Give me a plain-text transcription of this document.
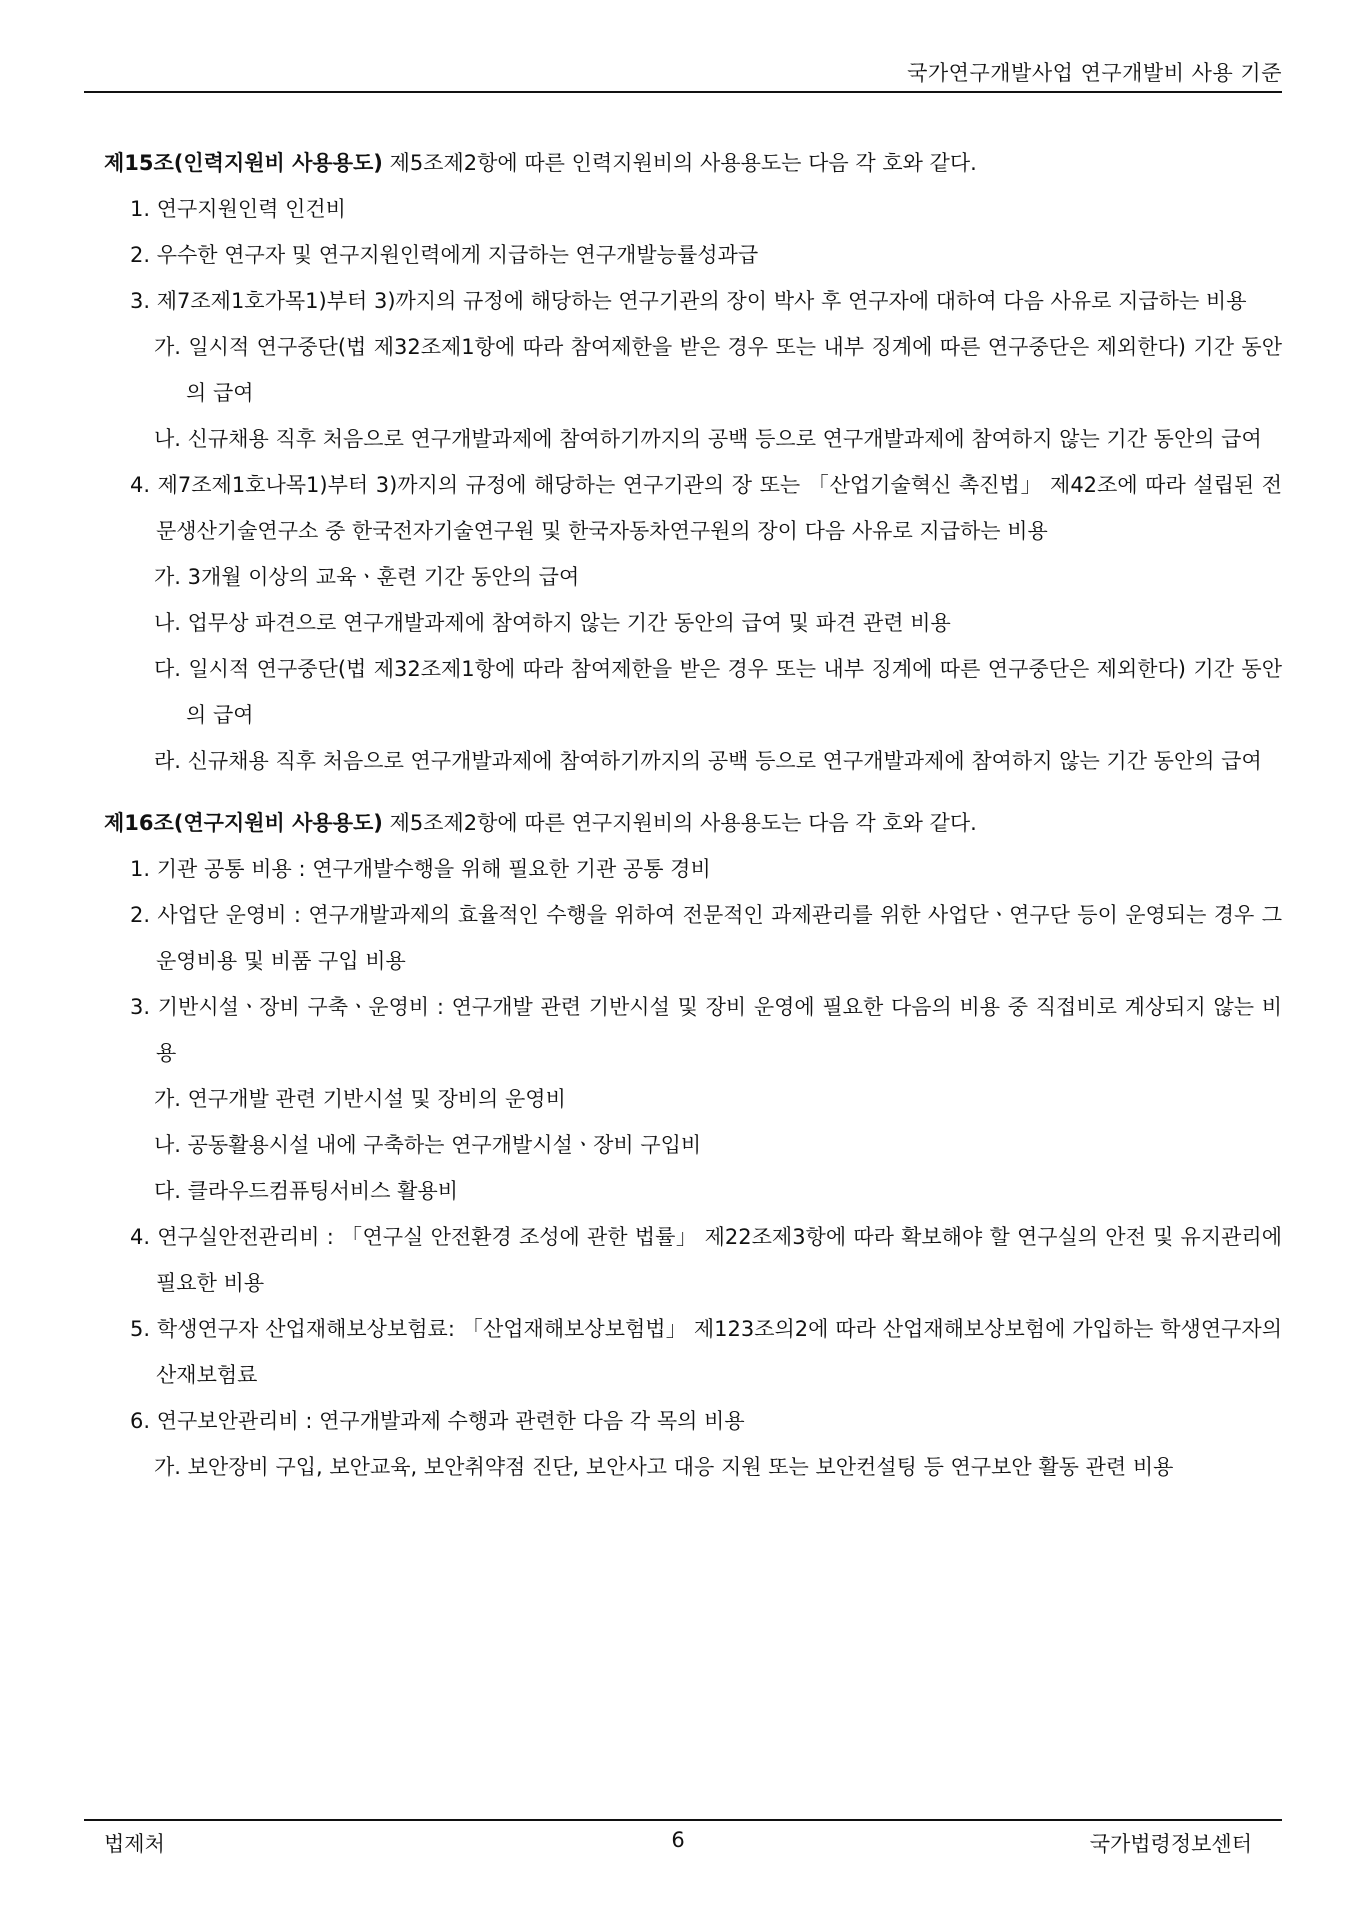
국가연구개발사업 연구개발비 사용 기준

제15조(인력지원비 사용용도) 제5조제2항에 따른 인력지원비의 사용용도는 다음 각 호와 같다.

1. 연구지원인력 인건비

2. 우수한 연구자 및 연구지원인력에게 지급하는 연구개발능률성과급

3. 제7조제1호가목1)부터 3)까지의 규정에 해당하는 연구기관의 장이 박사 후 연구자에 대하여 다음 사유로 지급하는 비용

가. 일시적 연구중단(법 제32조제1항에 따라 참여제한을 받은 경우 또는 내부 징계에 따른 연구중단은 제외한다) 기간 동안의 급여

나. 신규채용 직후 처음으로 연구개발과제에 참여하기까지의 공백 등으로 연구개발과제에 참여하지 않는 기간 동안의 급여

4. 제7조제1호나목1)부터 3)까지의 규정에 해당하는 연구기관의 장 또는 「산업기술혁신 촉진법」 제42조에 따라 설립된 전문생산기술연구소 중 한국전자기술연구원 및 한국자동차연구원의 장이 다음 사유로 지급하는 비용

가. 3개월 이상의 교육ㆍ훈련 기간 동안의 급여

나. 업무상 파견으로 연구개발과제에 참여하지 않는 기간 동안의 급여 및 파견 관련 비용

다. 일시적 연구중단(법 제32조제1항에 따라 참여제한을 받은 경우 또는 내부 징계에 따른 연구중단은 제외한다) 기간 동안의 급여

라. 신규채용 직후 처음으로 연구개발과제에 참여하기까지의 공백 등으로 연구개발과제에 참여하지 않는 기간 동안의 급여

제16조(연구지원비 사용용도) 제5조제2항에 따른 연구지원비의 사용용도는 다음 각 호와 같다.

1. 기관 공통 비용 : 연구개발수행을 위해 필요한 기관 공통 경비

2. 사업단 운영비 : 연구개발과제의 효율적인 수행을 위하여 전문적인 과제관리를 위한 사업단ㆍ연구단 등이 운영되는 경우 그 운영비용 및 비품 구입 비용

3. 기반시설ㆍ장비 구축ㆍ운영비 : 연구개발 관련 기반시설 및 장비 운영에 필요한 다음의 비용 중 직접비로 계상되지 않는 비용

가. 연구개발 관련 기반시설 및 장비의 운영비

나. 공동활용시설 내에 구축하는 연구개발시설ㆍ장비 구입비

다. 클라우드컴퓨팅서비스 활용비

4. 연구실안전관리비 : 「연구실 안전환경 조성에 관한 법률」 제22조제3항에 따라 확보해야 할 연구실의 안전 및 유지관리에 필요한 비용

5. 학생연구자 산업재해보상보험료: 「산업재해보상보험법」 제123조의2에 따라 산업재해보상보험에 가입하는 학생연구자의 산재보험료

6. 연구보안관리비 : 연구개발과제 수행과 관련한 다음 각 목의 비용

가. 보안장비 구입, 보안교육, 보안취약점 진단, 보안사고 대응 지원 또는 보안컨설팅 등 연구보안 활동 관련 비용

법제처	6	국가법령정보센터
